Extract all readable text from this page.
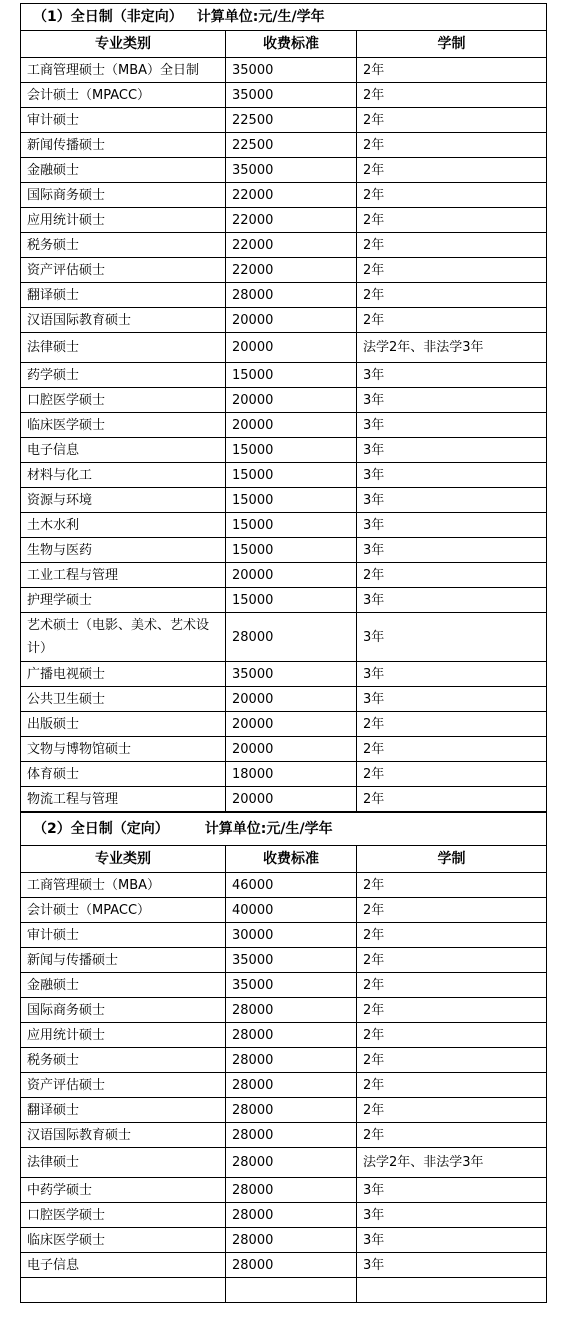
（1）全日制（非定向） 计算单位:元/生/学年		
专业类别	收费标准	学制
工商管理硕士（MBA）全日制	35000	2年
会计硕士（MPACC）	35000	2年
审计硕士	22500	2年
新闻传播硕士	22500	2年
金融硕士	35000	2年
国际商务硕士	22000	2年
应用统计硕士	22000	2年
税务硕士	22000	2年
资产评估硕士	22000	2年
翻译硕士	28000	2年
汉语国际教育硕士	20000	2年
法律硕士	20000	法学2年、非法学3年
药学硕士	15000	3年
口腔医学硕士	20000	3年
临床医学硕士	20000	3年
电子信息	15000	3年
材料与化工	15000	3年
资源与环境	15000	3年
土木水利	15000	3年
生物与医药	15000	3年
工业工程与管理	20000	2年
护理学硕士	15000	3年
艺术硕士（电影、美术、艺术设计）	28000	3年
广播电视硕士	35000	3年
公共卫生硕士	20000	3年
出版硕士	20000	2年
文物与博物馆硕士	20000	2年
体育硕士	18000	2年
物流工程与管理	20000	2年
（2）全日制（定向） 计算单位:元/生/学年		
专业类别	收费标准	学制
工商管理硕士（MBA）	46000	2年
会计硕士（MPACC）	40000	2年
审计硕士	30000	2年
新闻与传播硕士	35000	2年
金融硕士	35000	2年
国际商务硕士	28000	2年
应用统计硕士	28000	2年
税务硕士	28000	2年
资产评估硕士	28000	2年
翻译硕士	28000	2年
汉语国际教育硕士	28000	2年
法律硕士	28000	法学2年、非法学3年
中药学硕士	28000	3年
口腔医学硕士	28000	3年
临床医学硕士	28000	3年
电子信息	28000	3年
